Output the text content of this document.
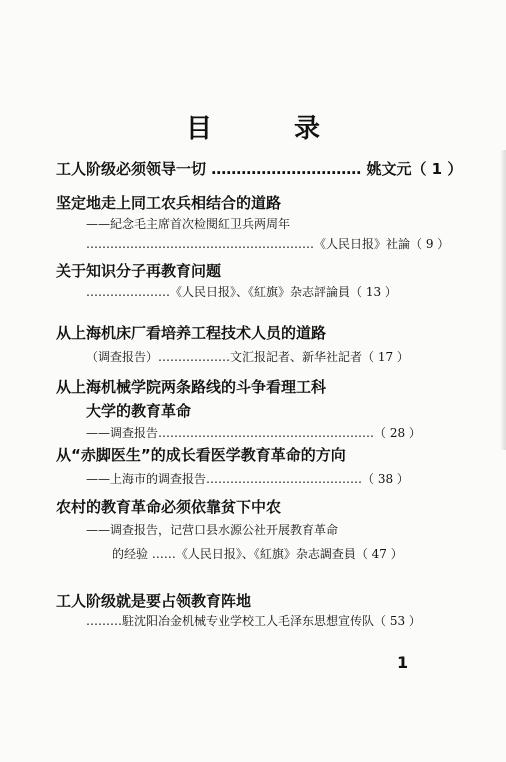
目　录
工人阶级必须领导一切 ………………………… 姚文元（ 1 ）
坚定地走上同工农兵相结合的道路
——紀念毛主席首次检閱紅卫兵两周年
…………………………………………………《人民日报》社論（ 9 ）
关于知识分子再教育问题
…………………《人民日报》、《紅旗》杂志評論員（ 13 ）
从上海机床厂看培养工程技术人员的道路
（调查报告）………………文汇报記者、新华社記者（ 17 ）
从上海机械学院两条路线的斗争看理工科
大学的教育革命
——调查报告………………………………………………（ 28 ）
从“赤脚医生”的成长看医学教育革命的方向
——上海市的调查报告…………………………………（ 38 ）
农村的教育革命必须依靠贫下中农
——调查报告，记营口县水源公社开展教育革命
的经验 ……《人民日报》、《紅旗》杂志調查員（ 47 ）
工人阶级就是要占领教育阵地
………駐沈阳冶金机械专业学校工人毛泽东思想宣传队（ 53 ）
1
